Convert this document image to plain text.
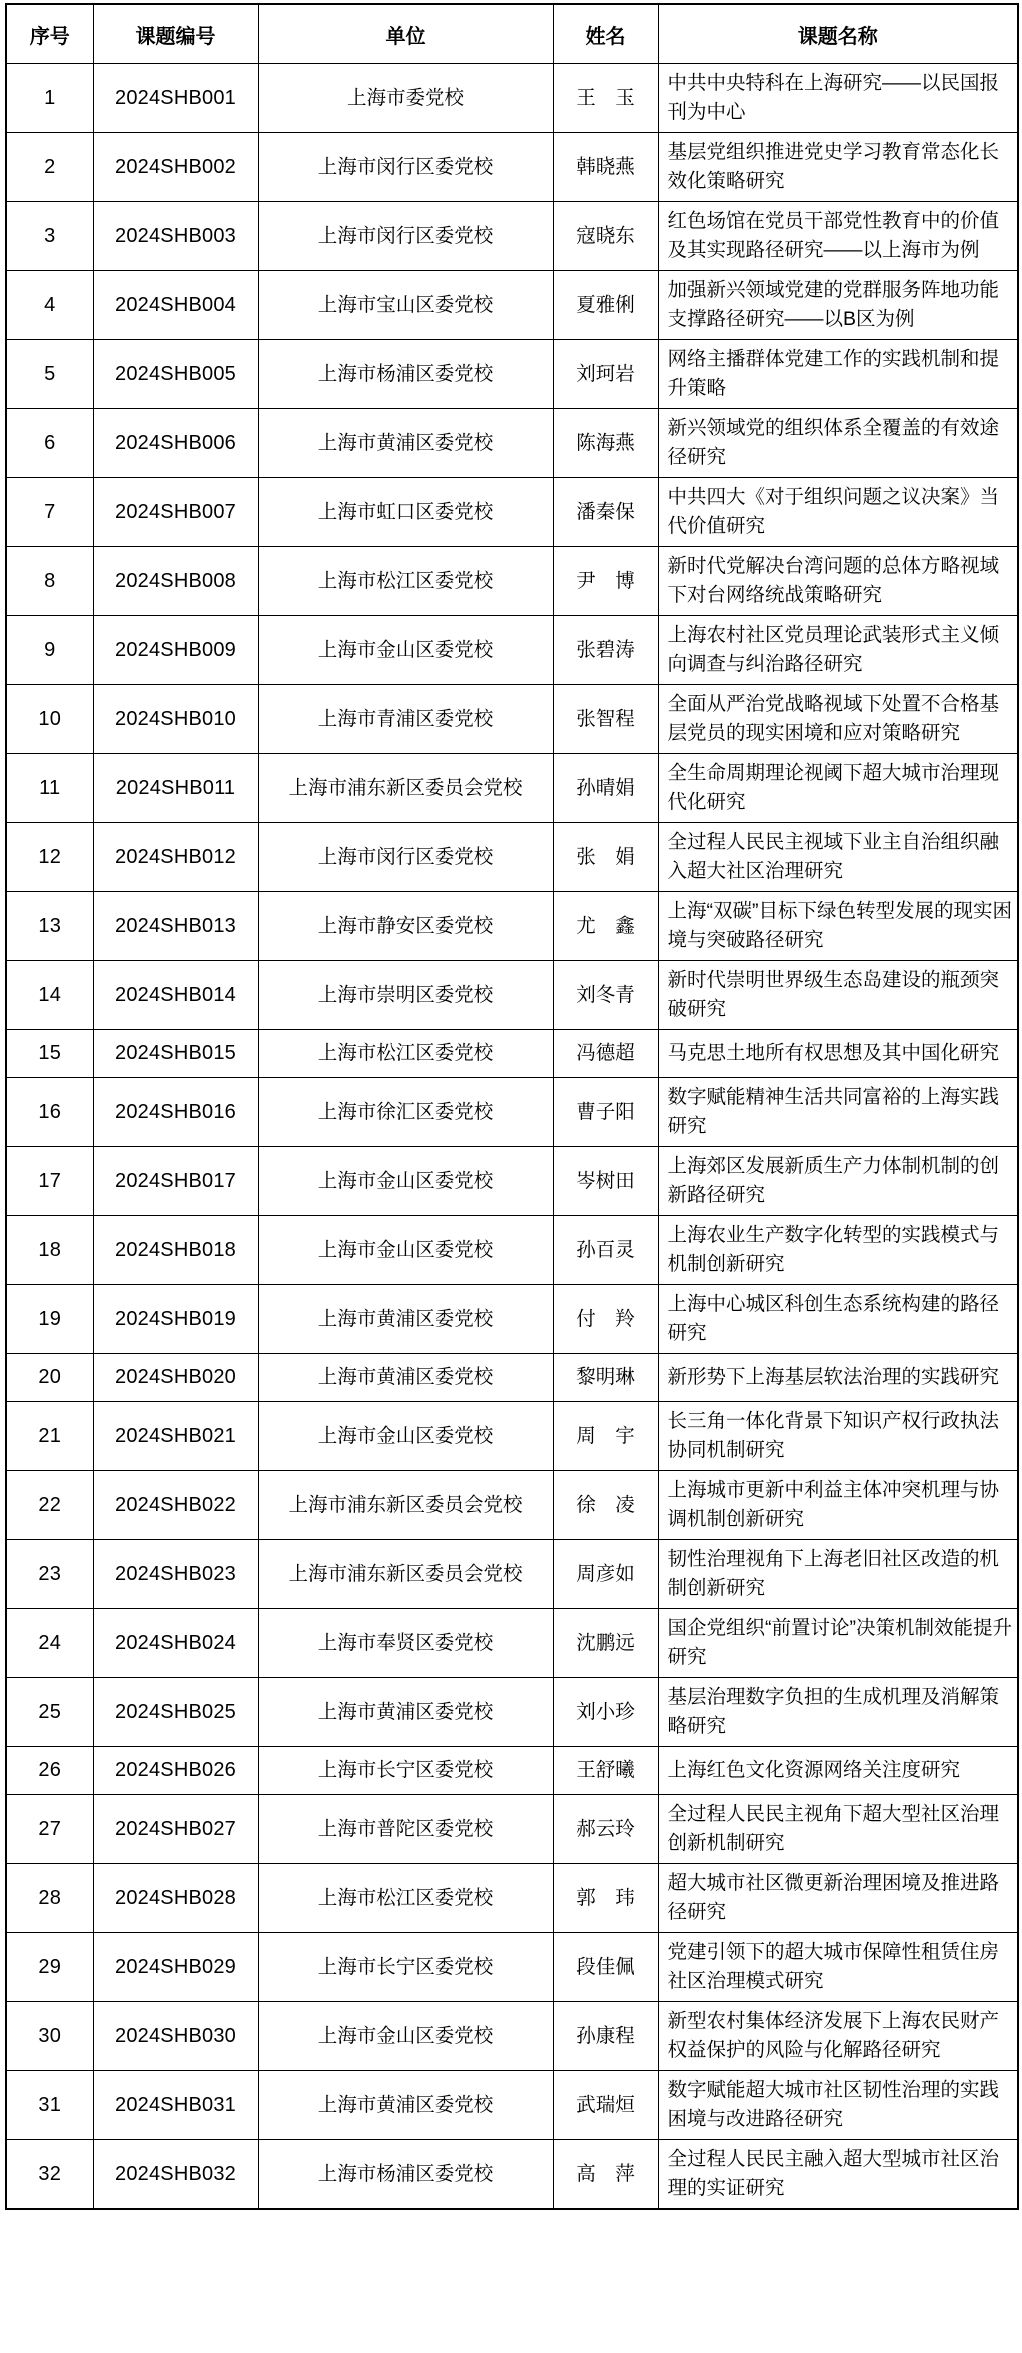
序号	课题编号	单位	姓名	课题名称
1	2024SHB001	上海市委党校	王　玉	中共中央特科在上海研究——以民国报刊为中心
2	2024SHB002	上海市闵行区委党校	韩晓燕	基层党组织推进党史学习教育常态化长效化策略研究
3	2024SHB003	上海市闵行区委党校	寇晓东	红色场馆在党员干部党性教育中的价值及其实现路径研究——以上海市为例
4	2024SHB004	上海市宝山区委党校	夏雅俐	加强新兴领域党建的党群服务阵地功能支撑路径研究——以B区为例
5	2024SHB005	上海市杨浦区委党校	刘珂岩	网络主播群体党建工作的实践机制和提升策略
6	2024SHB006	上海市黄浦区委党校	陈海燕	新兴领域党的组织体系全覆盖的有效途径研究
7	2024SHB007	上海市虹口区委党校	潘秦保	中共四大《对于组织问题之议决案》当代价值研究
8	2024SHB008	上海市松江区委党校	尹　博	新时代党解决台湾问题的总体方略视域下对台网络统战策略研究
9	2024SHB009	上海市金山区委党校	张碧涛	上海农村社区党员理论武装形式主义倾向调查与纠治路径研究
10	2024SHB010	上海市青浦区委党校	张智程	全面从严治党战略视域下处置不合格基层党员的现实困境和应对策略研究
11	2024SHB011	上海市浦东新区委员会党校	孙晴娟	全生命周期理论视阈下超大城市治理现代化研究
12	2024SHB012	上海市闵行区委党校	张　娟	全过程人民民主视域下业主自治组织融入超大社区治理研究
13	2024SHB013	上海市静安区委党校	尤　鑫	上海“双碳”目标下绿色转型发展的现实困境与突破路径研究
14	2024SHB014	上海市崇明区委党校	刘冬青	新时代崇明世界级生态岛建设的瓶颈突破研究
15	2024SHB015	上海市松江区委党校	冯德超	马克思土地所有权思想及其中国化研究
16	2024SHB016	上海市徐汇区委党校	曹子阳	数字赋能精神生活共同富裕的上海实践研究
17	2024SHB017	上海市金山区委党校	岑树田	上海郊区发展新质生产力体制机制的创新路径研究
18	2024SHB018	上海市金山区委党校	孙百灵	上海农业生产数字化转型的实践模式与机制创新研究
19	2024SHB019	上海市黄浦区委党校	付　羚	上海中心城区科创生态系统构建的路径研究
20	2024SHB020	上海市黄浦区委党校	黎明琳	新形势下上海基层软法治理的实践研究
21	2024SHB021	上海市金山区委党校	周　宇	长三角一体化背景下知识产权行政执法协同机制研究
22	2024SHB022	上海市浦东新区委员会党校	徐　凌	上海城市更新中利益主体冲突机理与协调机制创新研究
23	2024SHB023	上海市浦东新区委员会党校	周彦如	韧性治理视角下上海老旧社区改造的机制创新研究
24	2024SHB024	上海市奉贤区委党校	沈鹏远	国企党组织“前置讨论”决策机制效能提升研究
25	2024SHB025	上海市黄浦区委党校	刘小珍	基层治理数字负担的生成机理及消解策略研究
26	2024SHB026	上海市长宁区委党校	王舒曦	上海红色文化资源网络关注度研究
27	2024SHB027	上海市普陀区委党校	郝云玲	全过程人民民主视角下超大型社区治理创新机制研究
28	2024SHB028	上海市松江区委党校	郭　玮	超大城市社区微更新治理困境及推进路径研究
29	2024SHB029	上海市长宁区委党校	段佳佩	党建引领下的超大城市保障性租赁住房社区治理模式研究
30	2024SHB030	上海市金山区委党校	孙康程	新型农村集体经济发展下上海农民财产权益保护的风险与化解路径研究
31	2024SHB031	上海市黄浦区委党校	武瑞烜	数字赋能超大城市社区韧性治理的实践困境与改进路径研究
32	2024SHB032	上海市杨浦区委党校	高　萍	全过程人民民主融入超大型城市社区治理的实证研究
